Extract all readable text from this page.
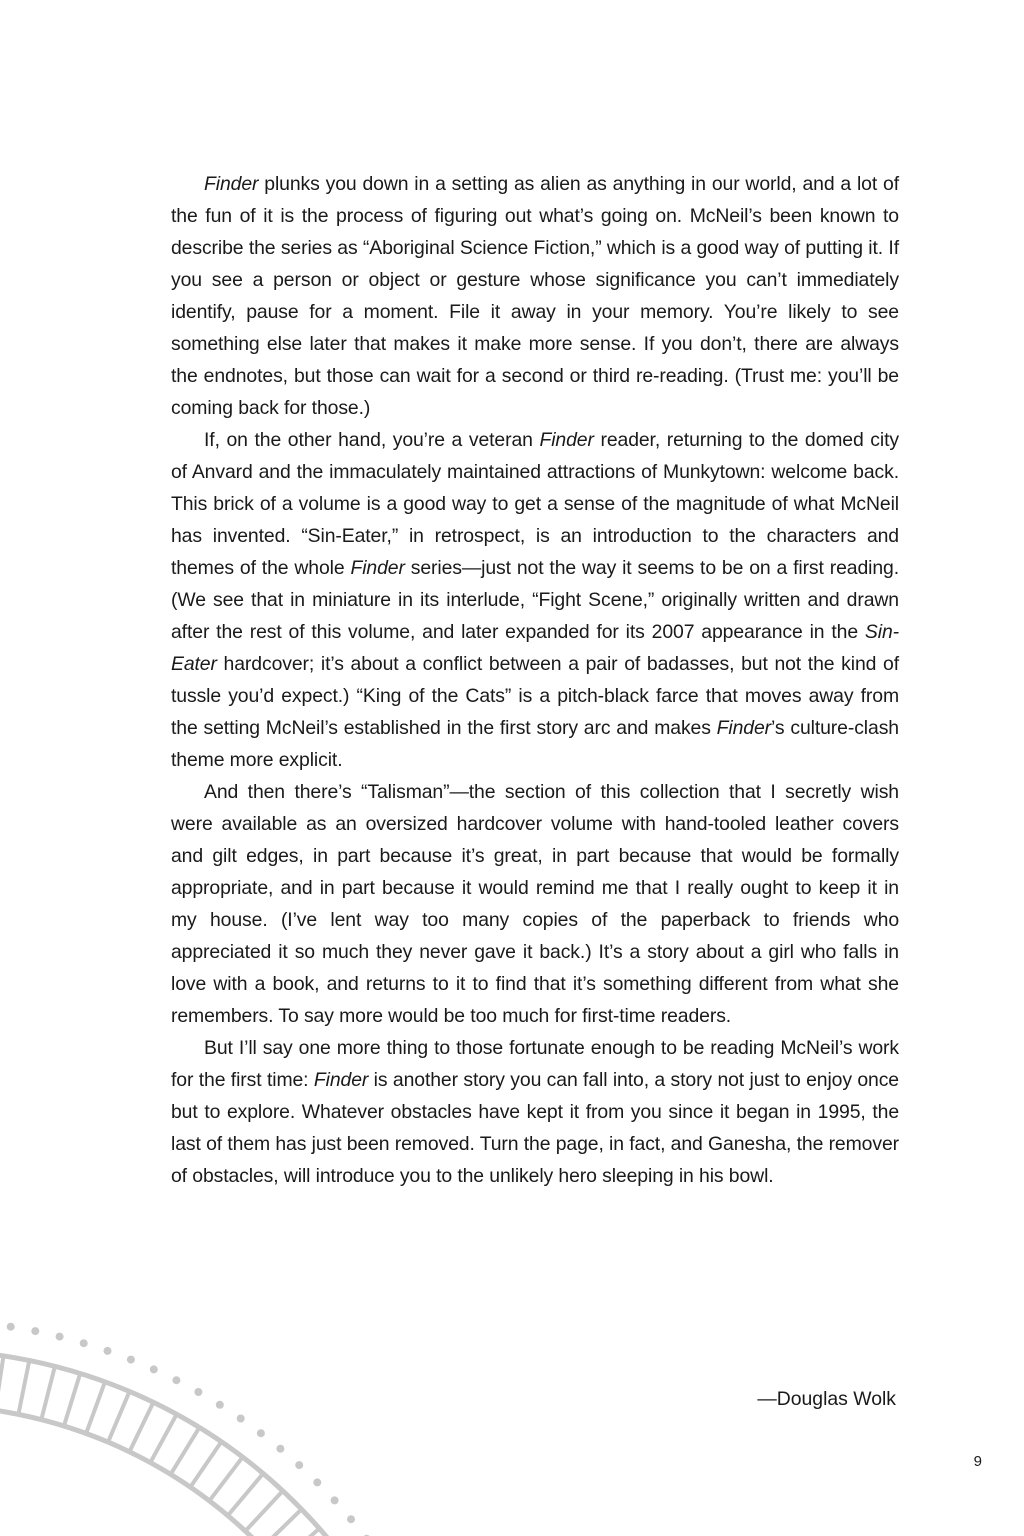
Finder plunks you down in a setting as alien as anything in our world, and a lot of the fun of it is the process of figuring out what’s going on. McNeil’s been known to describe the series as “Aboriginal Science Fiction,” which is a good way of putting it. If you see a person or object or gesture whose significance you can’t immediately identify, pause for a moment. File it away in your memory. You’re likely to see something else later that makes it make more sense. If you don’t, there are always the endnotes, but those can wait for a second or third re-reading. (Trust me: you’ll be coming back for those.)

If, on the other hand, you’re a veteran Finder reader, returning to the domed city of Anvard and the immaculately maintained attractions of Munkytown: welcome back. This brick of a volume is a good way to get a sense of the magnitude of what McNeil has invented. “Sin-Eater,” in retrospect, is an introduction to the characters and themes of the whole Finder series—just not the way it seems to be on a first reading. (We see that in miniature in its interlude, “Fight Scene,” originally written and drawn after the rest of this volume, and later expanded for its 2007 appearance in the Sin-Eater hardcover; it’s about a conflict between a pair of badasses, but not the kind of tussle you’d expect.) “King of the Cats” is a pitch-black farce that moves away from the setting McNeil’s established in the first story arc and makes Finder’s culture-clash theme more explicit.

And then there’s “Talisman”—the section of this collection that I secretly wish were available as an oversized hardcover volume with hand-tooled leather covers and gilt edges, in part because it’s great, in part because that would be formally appropriate, and in part because it would remind me that I really ought to keep it in my house. (I’ve lent way too many copies of the paperback to friends who appreciated it so much they never gave it back.) It’s a story about a girl who falls in love with a book, and returns to it to find that it’s something different from what she remembers. To say more would be too much for first-time readers.

But I’ll say one more thing to those fortunate enough to be reading McNeil’s work for the first time: Finder is another story you can fall into, a story not just to enjoy once but to explore. Whatever obstacles have kept it from you since it began in 1995, the last of them has just been removed. Turn the page, in fact, and Ganesha, the remover of obstacles, will introduce you to the unlikely hero sleeping in his bowl.

—Douglas Wolk
9
